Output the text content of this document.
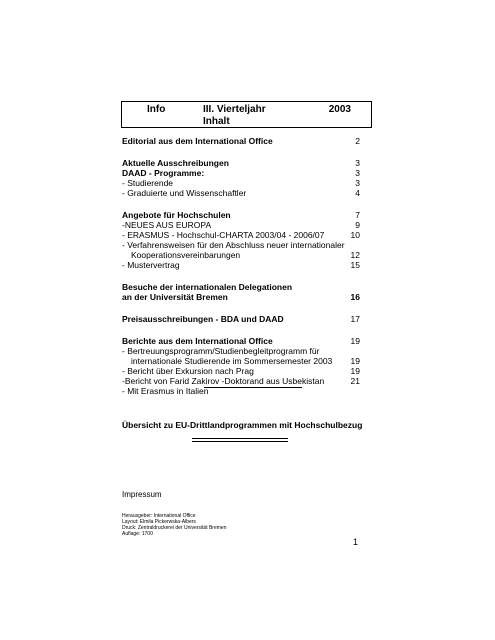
Info	III. Vierteljahr
Inhalt
2003
Editorial aus dem International Office	2
Aktuelle Ausschreibungen	3
DAAD - Programme:	3
- Studierende	3
- Graduierte und Wissenschaftler	4
Angebote für Hochschulen	7
-NEUES AUS EUROPA	9
- ERASMUS - Hochschul-CHARTA 2003/04 - 2006/07	10
- Verfahrensweisen für den Abschluss neuer internationaler
Kooperationsvereinbarungen	12
- Mustervertrag	15
Besuche der internationalen Delegationen
an der Universität Bremen	16
Preisausschreibungen - BDA und DAAD	17
Berichte aus dem International Office	19
- Bertreuungsprogramm/Studienbegleitprogramm für
internationale Studierende im Sommersemester 2003	19
- Bericht über Exkursion nach Prag	19
-Bericht von Farid Zakirov -Doktorand aus Usbekistan	21
- Mit Erasmus in Italien
Übersicht zu EU-Drittlandprogrammen mit Hochschulbezug
Impressum
Herausgeber: International Office
Layout: Elmila Pickerwska-Albers
Druck: Zentraldruckerei der Universität Bremen
Auflage: 1700
1
